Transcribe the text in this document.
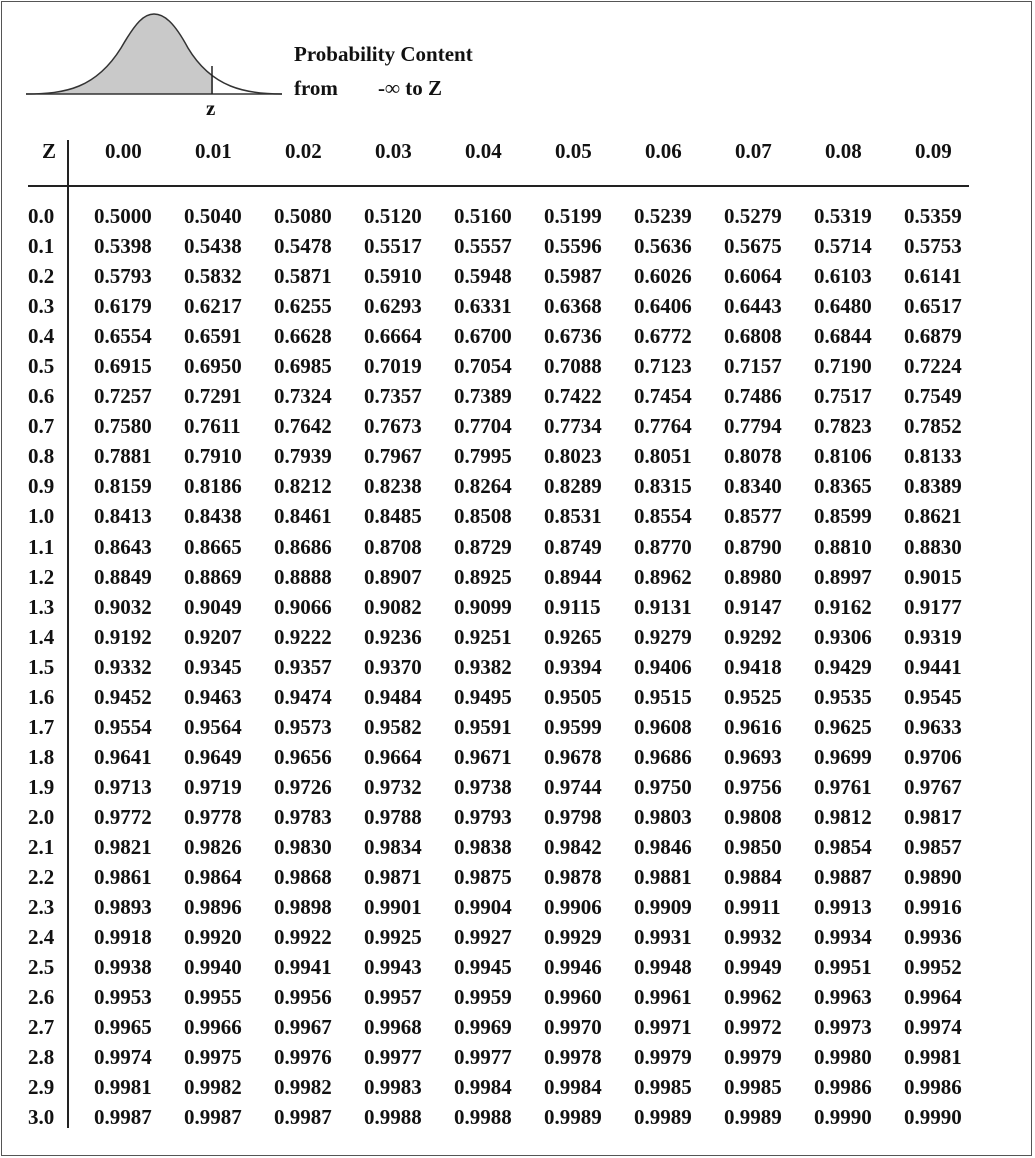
z
Probability Content
from -∞ to Z
Z 0.00	0.01	0.02	0.03	0.04	0.05	0.06	0.07	0.08	0.09
0.0	0.5000	0.5040	0.5080	0.5120	0.5160	0.5199	0.5239	0.5279	0.5319	0.5359
0.1	0.5398	0.5438	0.5478	0.5517	0.5557	0.5596	0.5636	0.5675	0.5714	0.5753
0.2	0.5793	0.5832	0.5871	0.5910	0.5948	0.5987	0.6026	0.6064	0.6103	0.6141
0.3	0.6179	0.6217	0.6255	0.6293	0.6331	0.6368	0.6406	0.6443	0.6480	0.6517
0.4	0.6554	0.6591	0.6628	0.6664	0.6700	0.6736	0.6772	0.6808	0.6844	0.6879
0.5	0.6915	0.6950	0.6985	0.7019	0.7054	0.7088	0.7123	0.7157	0.7190	0.7224
0.6	0.7257	0.7291	0.7324	0.7357	0.7389	0.7422	0.7454	0.7486	0.7517	0.7549
0.7	0.7580	0.7611	0.7642	0.7673	0.7704	0.7734	0.7764	0.7794	0.7823	0.7852
0.8	0.7881	0.7910	0.7939	0.7967	0.7995	0.8023	0.8051	0.8078	0.8106	0.8133
0.9	0.8159	0.8186	0.8212	0.8238	0.8264	0.8289	0.8315	0.8340	0.8365	0.8389
1.0	0.8413	0.8438	0.8461	0.8485	0.8508	0.8531	0.8554	0.8577	0.8599	0.8621
1.1	0.8643	0.8665	0.8686	0.8708	0.8729	0.8749	0.8770	0.8790	0.8810	0.8830
1.2	0.8849	0.8869	0.8888	0.8907	0.8925	0.8944	0.8962	0.8980	0.8997	0.9015
1.3	0.9032	0.9049	0.9066	0.9082	0.9099	0.9115	0.9131	0.9147	0.9162	0.9177
1.4	0.9192	0.9207	0.9222	0.9236	0.9251	0.9265	0.9279	0.9292	0.9306	0.9319
1.5	0.9332	0.9345	0.9357	0.9370	0.9382	0.9394	0.9406	0.9418	0.9429	0.9441
1.6	0.9452	0.9463	0.9474	0.9484	0.9495	0.9505	0.9515	0.9525	0.9535	0.9545
1.7	0.9554	0.9564	0.9573	0.9582	0.9591	0.9599	0.9608	0.9616	0.9625	0.9633
1.8	0.9641	0.9649	0.9656	0.9664	0.9671	0.9678	0.9686	0.9693	0.9699	0.9706
1.9	0.9713	0.9719	0.9726	0.9732	0.9738	0.9744	0.9750	0.9756	0.9761	0.9767
2.0	0.9772	0.9778	0.9783	0.9788	0.9793	0.9798	0.9803	0.9808	0.9812	0.9817
2.1	0.9821	0.9826	0.9830	0.9834	0.9838	0.9842	0.9846	0.9850	0.9854	0.9857
2.2	0.9861	0.9864	0.9868	0.9871	0.9875	0.9878	0.9881	0.9884	0.9887	0.9890
2.3	0.9893	0.9896	0.9898	0.9901	0.9904	0.9906	0.9909	0.9911	0.9913	0.9916
2.4	0.9918	0.9920	0.9922	0.9925	0.9927	0.9929	0.9931	0.9932	0.9934	0.9936
2.5	0.9938	0.9940	0.9941	0.9943	0.9945	0.9946	0.9948	0.9949	0.9951	0.9952
2.6	0.9953	0.9955	0.9956	0.9957	0.9959	0.9960	0.9961	0.9962	0.9963	0.9964
2.7	0.9965	0.9966	0.9967	0.9968	0.9969	0.9970	0.9971	0.9972	0.9973	0.9974
2.8	0.9974	0.9975	0.9976	0.9977	0.9977	0.9978	0.9979	0.9979	0.9980	0.9981
2.9	0.9981	0.9982	0.9982	0.9983	0.9984	0.9984	0.9985	0.9985	0.9986	0.9986
3.0	0.9987	0.9987	0.9987	0.9988	0.9988	0.9989	0.9989	0.9989	0.9990	0.9990
